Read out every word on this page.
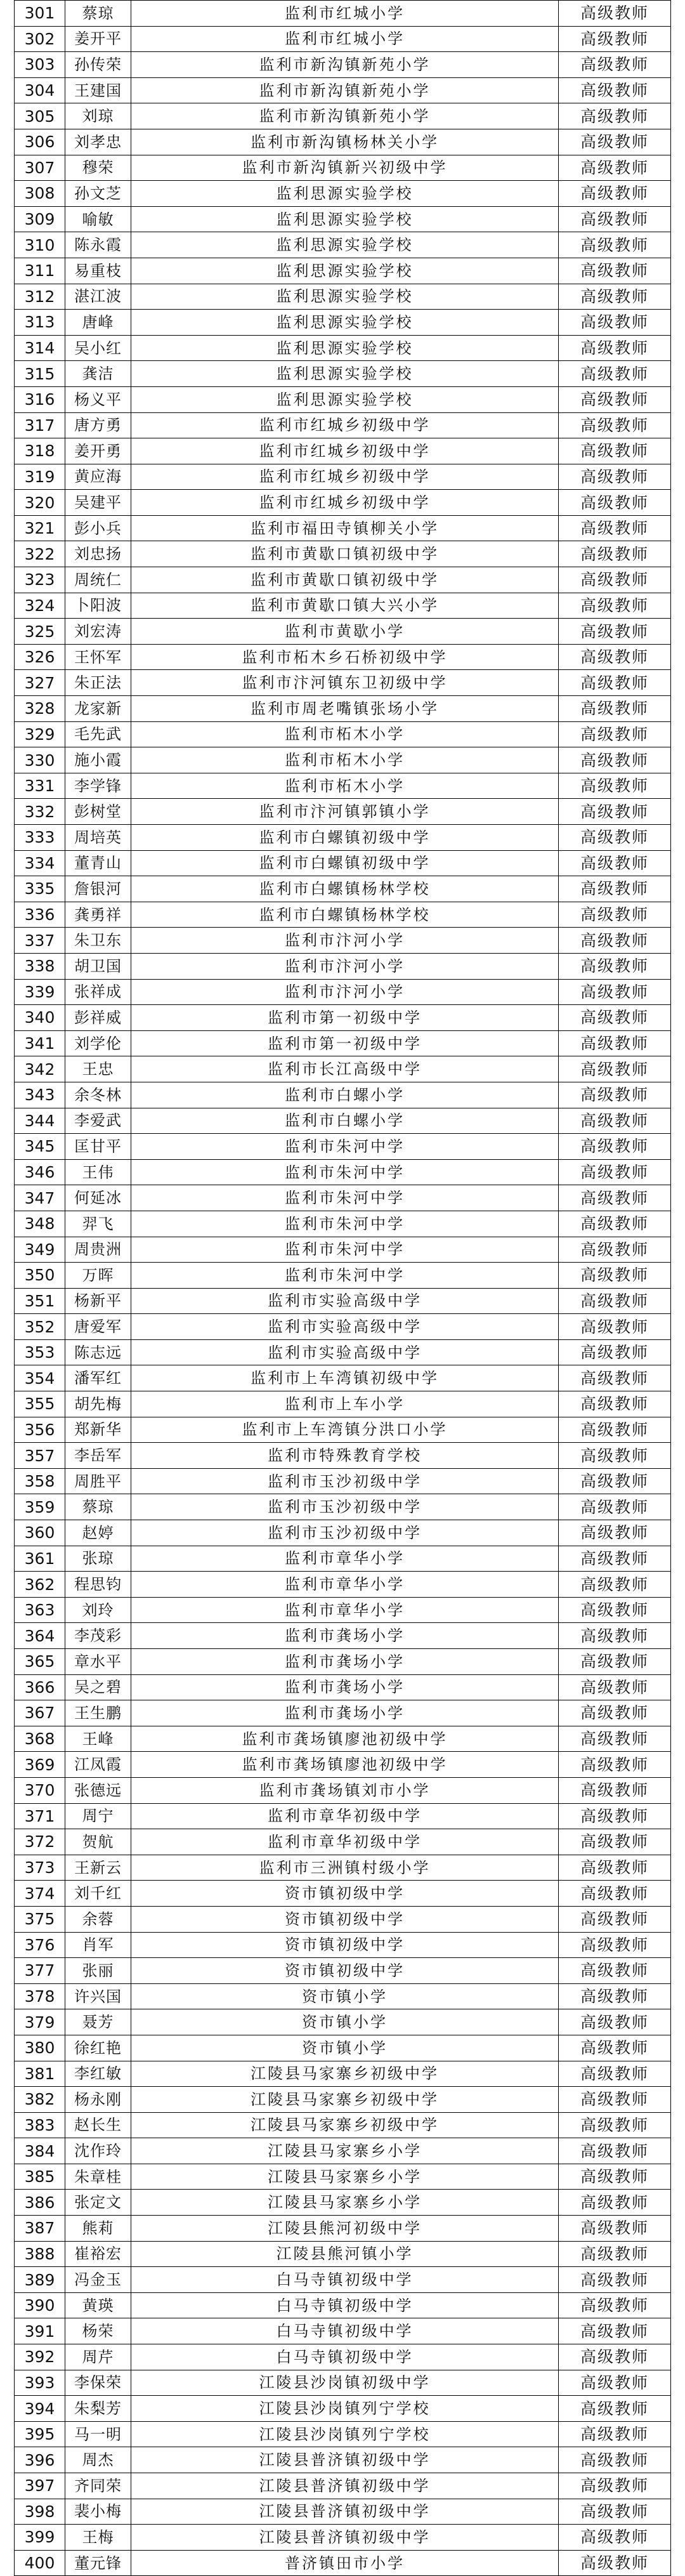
301	蔡琼	监利市红城小学	高级教师
302	姜开平	监利市红城小学	高级教师
303	孙传荣	监利市新沟镇新苑小学	高级教师
304	王建国	监利市新沟镇新苑小学	高级教师
305	刘琼	监利市新沟镇新苑小学	高级教师
306	刘孝忠	监利市新沟镇杨林关小学	高级教师
307	穆荣	监利市新沟镇新兴初级中学	高级教师
308	孙文芝	监利思源实验学校	高级教师
309	喻敏	监利思源实验学校	高级教师
310	陈永霞	监利思源实验学校	高级教师
311	易重枝	监利思源实验学校	高级教师
312	湛江波	监利思源实验学校	高级教师
313	唐峰	监利思源实验学校	高级教师
314	吴小红	监利思源实验学校	高级教师
315	龚洁	监利思源实验学校	高级教师
316	杨义平	监利思源实验学校	高级教师
317	唐方勇	监利市红城乡初级中学	高级教师
318	姜开勇	监利市红城乡初级中学	高级教师
319	黄应海	监利市红城乡初级中学	高级教师
320	吴建平	监利市红城乡初级中学	高级教师
321	彭小兵	监利市福田寺镇柳关小学	高级教师
322	刘忠扬	监利市黄歇口镇初级中学	高级教师
323	周统仁	监利市黄歇口镇初级中学	高级教师
324	卜阳波	监利市黄歇口镇大兴小学	高级教师
325	刘宏涛	监利市黄歇小学	高级教师
326	王怀军	监利市柘木乡石桥初级中学	高级教师
327	朱正法	监利市汴河镇东卫初级中学	高级教师
328	龙家新	监利市周老嘴镇张场小学	高级教师
329	毛先武	监利市柘木小学	高级教师
330	施小霞	监利市柘木小学	高级教师
331	李学锋	监利市柘木小学	高级教师
332	彭树堂	监利市汴河镇郭镇小学	高级教师
333	周培英	监利市白螺镇初级中学	高级教师
334	董青山	监利市白螺镇初级中学	高级教师
335	詹银河	监利市白螺镇杨林学校	高级教师
336	龚勇祥	监利市白螺镇杨林学校	高级教师
337	朱卫东	监利市汴河小学	高级教师
338	胡卫国	监利市汴河小学	高级教师
339	张祥成	监利市汴河小学	高级教师
340	彭祥威	监利市第一初级中学	高级教师
341	刘学伦	监利市第一初级中学	高级教师
342	王忠	监利市长江高级中学	高级教师
343	余冬林	监利市白螺小学	高级教师
344	李爱武	监利市白螺小学	高级教师
345	匡甘平	监利市朱河中学	高级教师
346	王伟	监利市朱河中学	高级教师
347	何延冰	监利市朱河中学	高级教师
348	羿飞	监利市朱河中学	高级教师
349	周贵洲	监利市朱河中学	高级教师
350	万晖	监利市朱河中学	高级教师
351	杨新平	监利市实验高级中学	高级教师
352	唐爱军	监利市实验高级中学	高级教师
353	陈志远	监利市实验高级中学	高级教师
354	潘军红	监利市上车湾镇初级中学	高级教师
355	胡先梅	监利市上车小学	高级教师
356	郑新华	监利市上车湾镇分洪口小学	高级教师
357	李岳军	监利市特殊教育学校	高级教师
358	周胜平	监利市玉沙初级中学	高级教师
359	蔡琼	监利市玉沙初级中学	高级教师
360	赵婷	监利市玉沙初级中学	高级教师
361	张琼	监利市章华小学	高级教师
362	程思钧	监利市章华小学	高级教师
363	刘玲	监利市章华小学	高级教师
364	李茂彩	监利市龚场小学	高级教师
365	章水平	监利市龚场小学	高级教师
366	吴之碧	监利市龚场小学	高级教师
367	王生鹏	监利市龚场小学	高级教师
368	王峰	监利市龚场镇廖池初级中学	高级教师
369	江凤霞	监利市龚场镇廖池初级中学	高级教师
370	张德远	监利市龚场镇刘市小学	高级教师
371	周宁	监利市章华初级中学	高级教师
372	贺航	监利市章华初级中学	高级教师
373	王新云	监利市三洲镇村级小学	高级教师
374	刘千红	资市镇初级中学	高级教师
375	余蓉	资市镇初级中学	高级教师
376	肖军	资市镇初级中学	高级教师
377	张丽	资市镇初级中学	高级教师
378	许兴国	资市镇小学	高级教师
379	聂芳	资市镇小学	高级教师
380	徐红艳	资市镇小学	高级教师
381	李红敏	江陵县马家寨乡初级中学	高级教师
382	杨永刚	江陵县马家寨乡初级中学	高级教师
383	赵长生	江陵县马家寨乡初级中学	高级教师
384	沈作玲	江陵县马家寨乡小学	高级教师
385	朱章桂	江陵县马家寨乡小学	高级教师
386	张定文	江陵县马家寨乡小学	高级教师
387	熊莉	江陵县熊河初级中学	高级教师
388	崔裕宏	江陵县熊河镇小学	高级教师
389	冯金玉	白马寺镇初级中学	高级教师
390	黄瑛	白马寺镇初级中学	高级教师
391	杨荣	白马寺镇初级中学	高级教师
392	周芹	白马寺镇初级中学	高级教师
393	李保荣	江陵县沙岗镇初级中学	高级教师
394	朱梨芳	江陵县沙岗镇列宁学校	高级教师
395	马一明	江陵县沙岗镇列宁学校	高级教师
396	周杰	江陵县普济镇初级中学	高级教师
397	齐同荣	江陵县普济镇初级中学	高级教师
398	裴小梅	江陵县普济镇初级中学	高级教师
399	王梅	江陵县普济镇初级中学	高级教师
400	董元锋	普济镇田市小学	高级教师
